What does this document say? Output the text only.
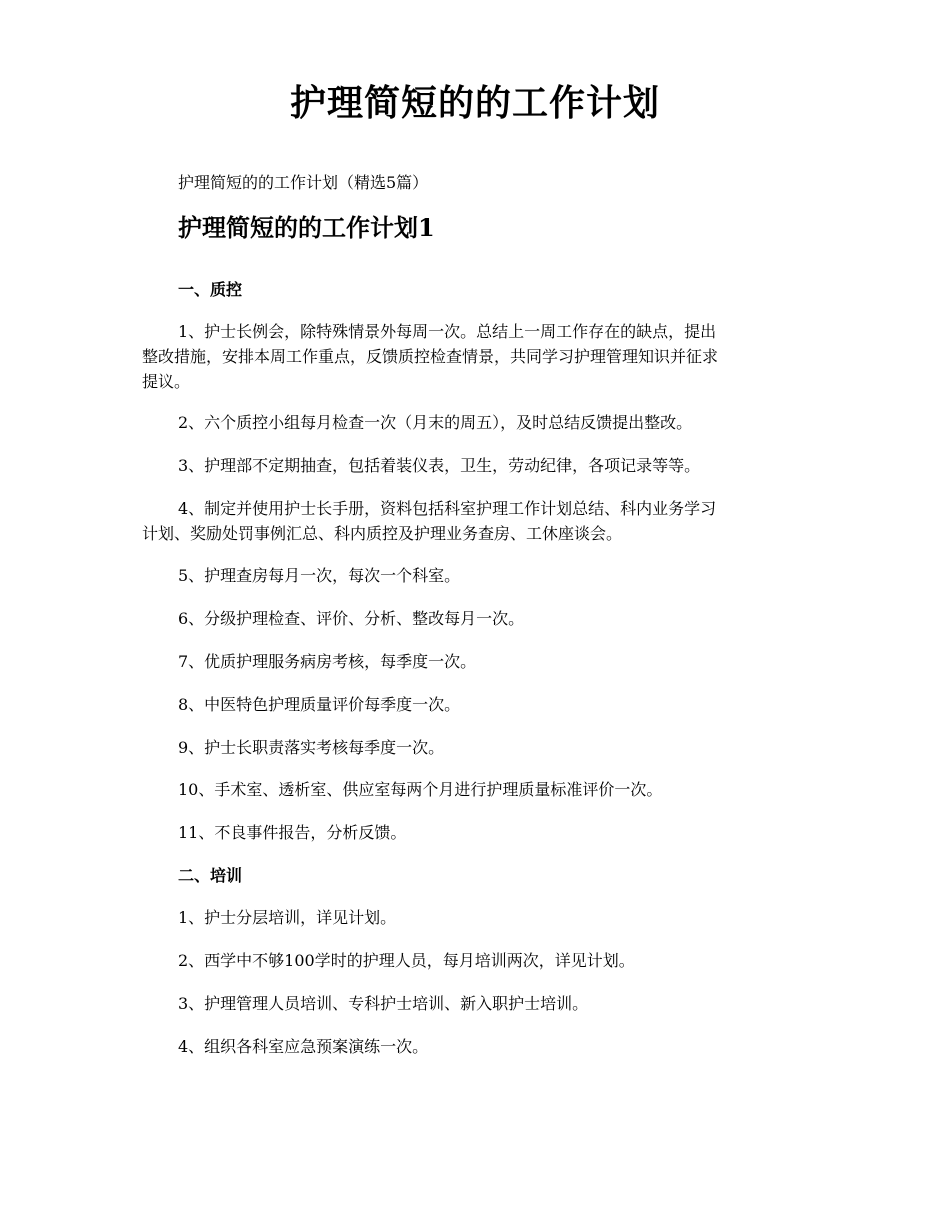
护理简短的的工作计划
护理简短的的工作计划（精选5篇）
护理简短的的工作计划1
一、质控
1、护士长例会，除特殊情景外每周一次。总结上一周工作存在的缺点，提出
整改措施，安排本周工作重点，反馈质控检查情景，共同学习护理管理知识并征求
提议。
2、六个质控小组每月检查一次（月末的周五），及时总结反馈提出整改。
3、护理部不定期抽查，包括着装仪表，卫生，劳动纪律，各项记录等等。
4、制定并使用护士长手册，资料包括科室护理工作计划总结、科内业务学习
计划、奖励处罚事例汇总、科内质控及护理业务查房、工休座谈会。
5、护理查房每月一次，每次一个科室。
6、分级护理检查、评价、分析、整改每月一次。
7、优质护理服务病房考核，每季度一次。
8、中医特色护理质量评价每季度一次。
9、护士长职责落实考核每季度一次。
10、手术室、透析室、供应室每两个月进行护理质量标准评价一次。
11、不良事件报告，分析反馈。
二、培训
1、护士分层培训，详见计划。
2、西学中不够100学时的护理人员，每月培训两次，详见计划。
3、护理管理人员培训、专科护士培训、新入职护士培训。
4、组织各科室应急预案演练一次。
